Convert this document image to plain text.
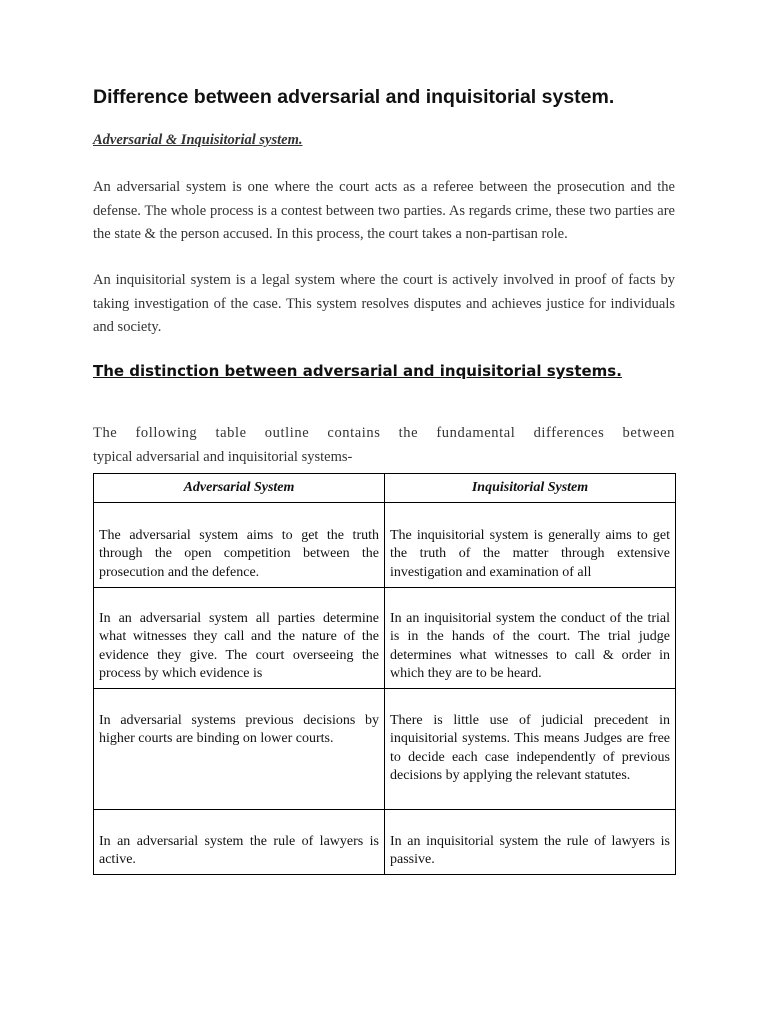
Difference between adversarial and inquisitorial system.

Adversarial & Inquisitorial system.

An adversarial system is one where the court acts as a referee between the prosecution and the defense. The whole process is a contest between two parties. As regards crime, these two parties are the state & the person accused. In this process, the court takes a non-partisan role.

An inquisitorial system is a legal system where the court is actively involved in proof of facts by taking investigation of the case. This system resolves disputes and achieves justice for individuals and society.

The distinction between adversarial and inquisitorial systems.

The following table outline contains the fundamental differences between
typical adversarial and inquisitorial systems-

Adversarial System	Inquisitorial System

The adversarial system aims to get the truth through the open competition between the prosecution and the defence.	The inquisitorial system is generally aims to get the truth of the matter through extensive investigation and examination of all

In an adversarial system all parties determine what witnesses they call and the nature of the evidence they give. The court overseeing the process by which evidence is	In an inquisitorial system the conduct of the trial is in the hands of the court. The trial judge determines what witnesses to call & order in which they are to be heard.

In adversarial systems previous decisions by higher courts are binding on lower courts.	There is little use of judicial precedent in inquisitorial systems. This means Judges are free to decide each case independently of previous decisions by applying the relevant statutes.

In an adversarial system the rule of lawyers is active.	In an inquisitorial system the rule of lawyers is passive.
